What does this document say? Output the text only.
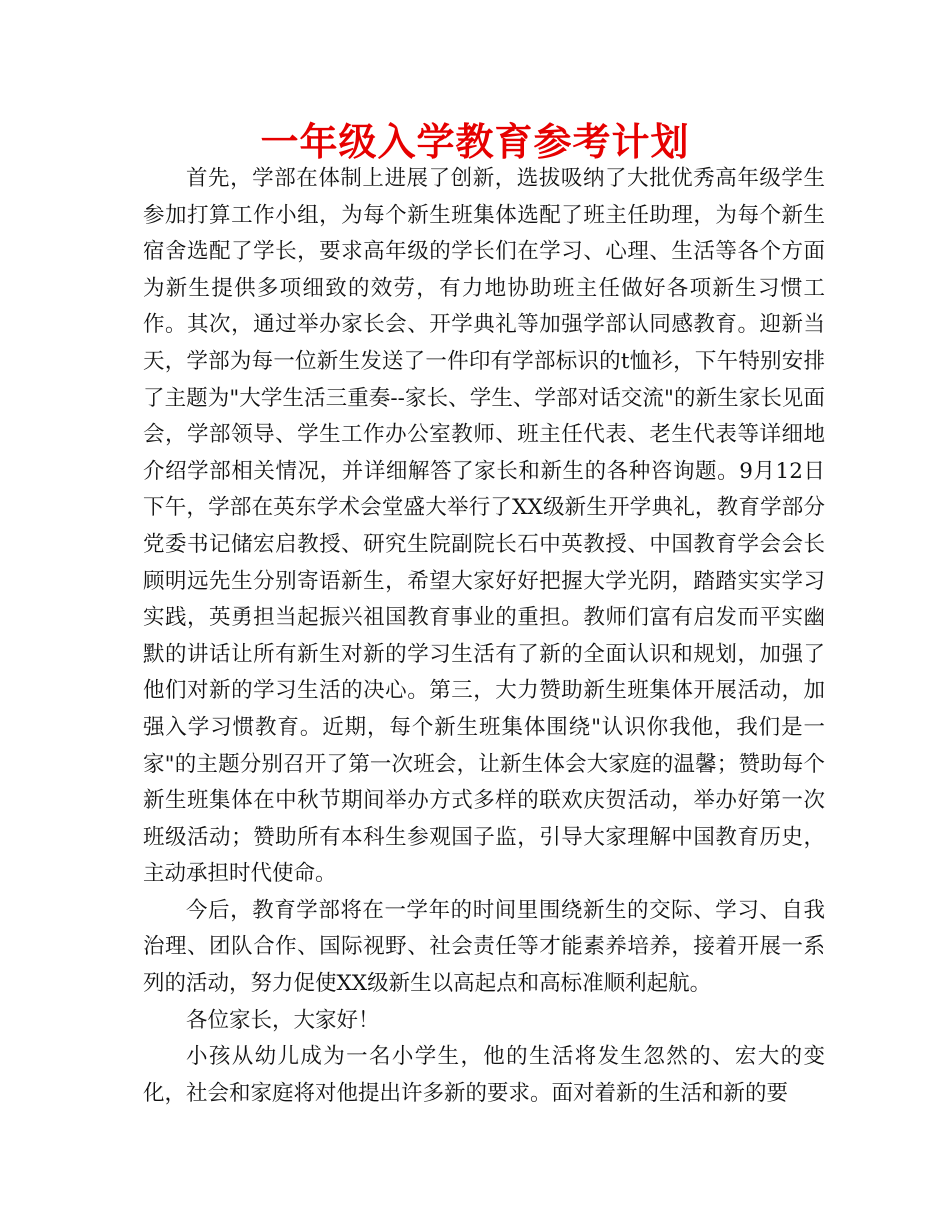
一年级入学教育参考计划

首先，学部在体制上进展了创新，选拔吸纳了大批优秀高年级学生参加打算工作小组，为每个新生班集体选配了班主任助理，为每个新生宿舍选配了学长，要求高年级的学长们在学习、心理、生活等各个方面为新生提供多项细致的效劳，有力地协助班主任做好各项新生习惯工作。其次，通过举办家长会、开学典礼等加强学部认同感教育。迎新当天，学部为每一位新生发送了一件印有学部标识的t恤衫，下午特别安排了主题为"大学生活三重奏--家长、学生、学部对话交流"的新生家长见面会，学部领导、学生工作办公室教师、班主任代表、老生代表等详细地介绍学部相关情况，并详细解答了家长和新生的各种咨询题。9月12日下午，学部在英东学术会堂盛大举行了XX级新生开学典礼，教育学部分党委书记储宏启教授、研究生院副院长石中英教授、中国教育学会会长顾明远先生分别寄语新生，希望大家好好把握大学光阴，踏踏实实学习实践，英勇担当起振兴祖国教育事业的重担。教师们富有启发而平实幽默的讲话让所有新生对新的学习生活有了新的全面认识和规划，加强了他们对新的学习生活的决心。第三，大力赞助新生班集体开展活动，加强入学习惯教育。近期，每个新生班集体围绕"认识你我他，我们是一家"的主题分别召开了第一次班会，让新生体会大家庭的温馨；赞助每个新生班集体在中秋节期间举办方式多样的联欢庆贺活动，举办好第一次班级活动；赞助所有本科生参观国子监，引导大家理解中国教育历史，主动承担时代使命。

今后，教育学部将在一学年的时间里围绕新生的交际、学习、自我治理、团队合作、国际视野、社会责任等才能素养培养，接着开展一系列的活动，努力促使XX级新生以高起点和高标准顺利起航。

各位家长，大家好！

小孩从幼儿成为一名小学生，他的生活将发生忽然的、宏大的变化，社会和家庭将对他提出许多新的要求。面对着新的生活和新的要
